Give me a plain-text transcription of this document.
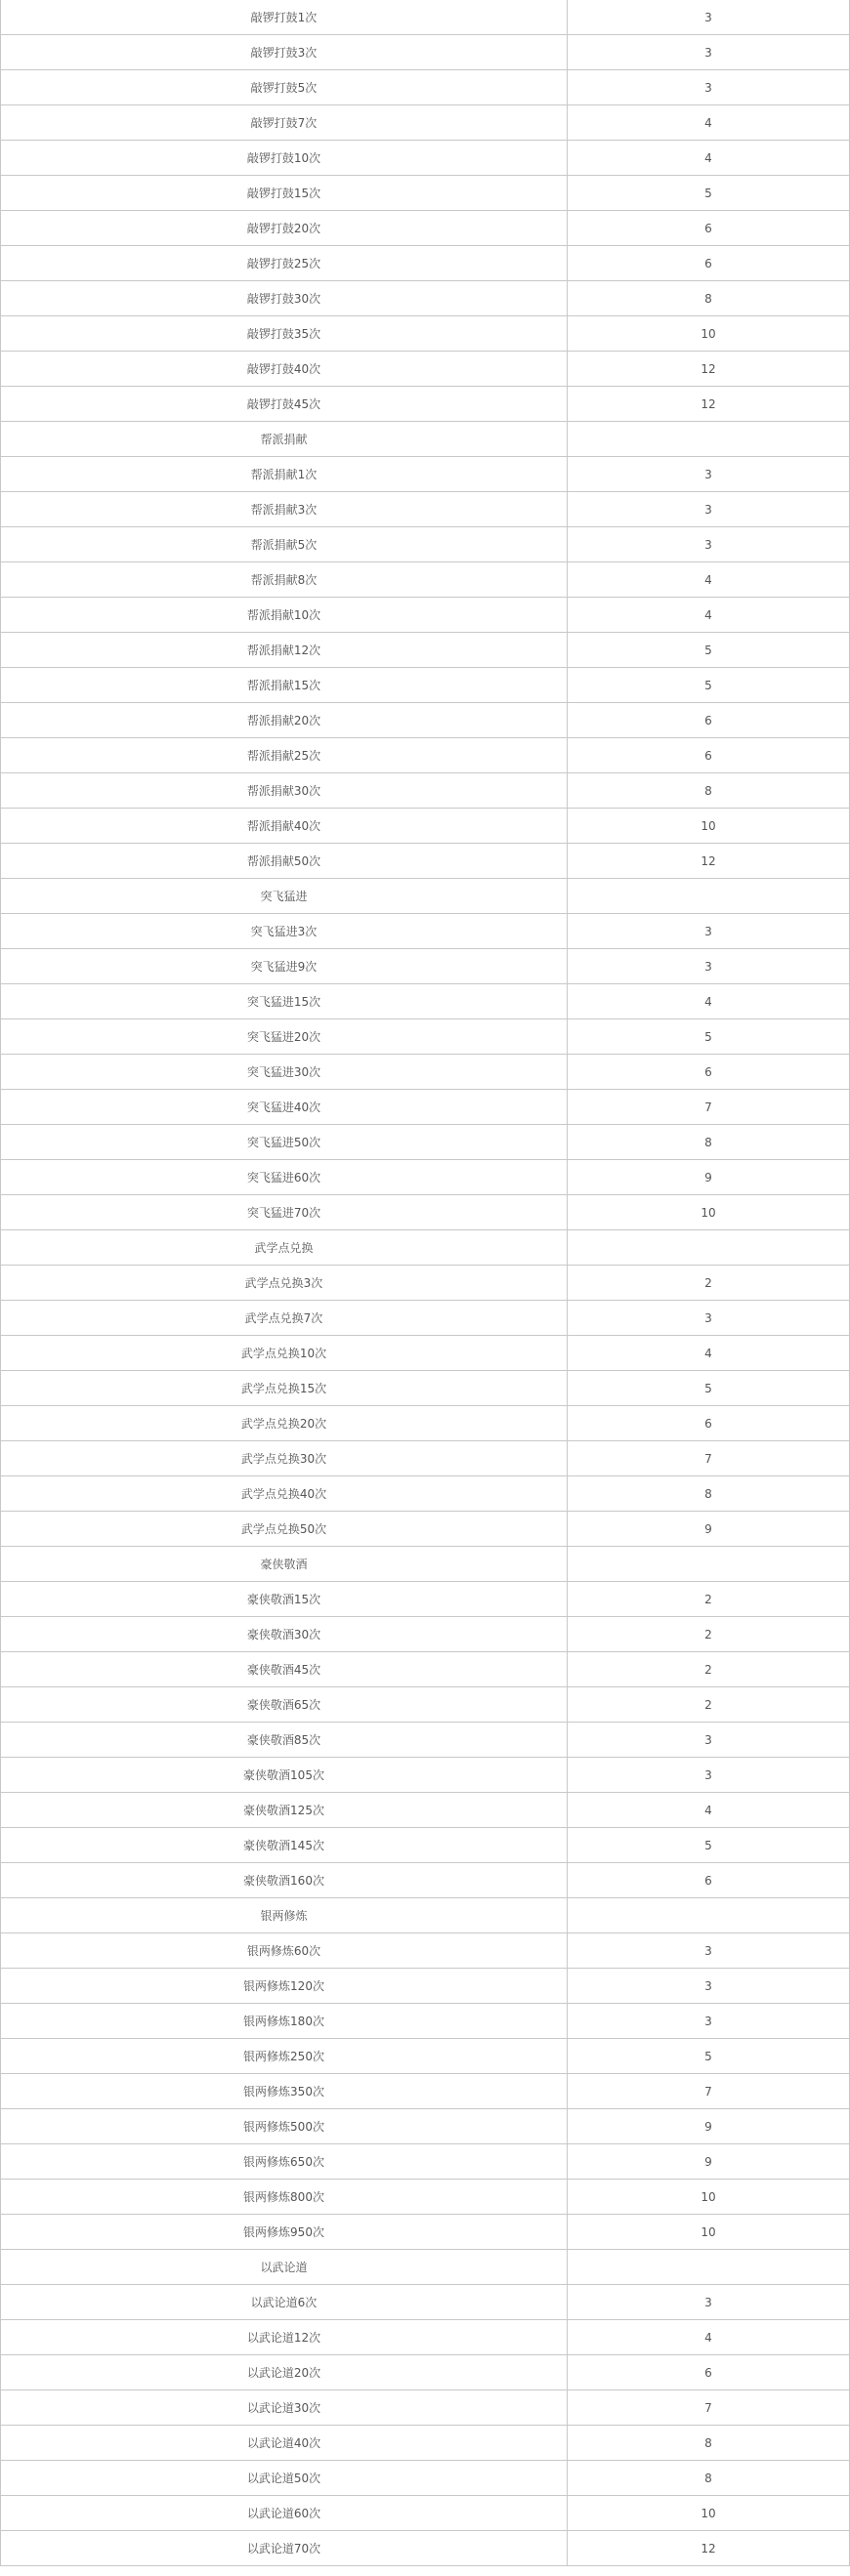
敲锣打鼓1次	3
敲锣打鼓3次	3
敲锣打鼓5次	3
敲锣打鼓7次	4
敲锣打鼓10次	4
敲锣打鼓15次	5
敲锣打鼓20次	6
敲锣打鼓25次	6
敲锣打鼓30次	8
敲锣打鼓35次	10
敲锣打鼓40次	12
敲锣打鼓45次	12
帮派捐献	
帮派捐献1次	3
帮派捐献3次	3
帮派捐献5次	3
帮派捐献8次	4
帮派捐献10次	4
帮派捐献12次	5
帮派捐献15次	5
帮派捐献20次	6
帮派捐献25次	6
帮派捐献30次	8
帮派捐献40次	10
帮派捐献50次	12
突飞猛进	
突飞猛进3次	3
突飞猛进9次	3
突飞猛进15次	4
突飞猛进20次	5
突飞猛进30次	6
突飞猛进40次	7
突飞猛进50次	8
突飞猛进60次	9
突飞猛进70次	10
武学点兑换	
武学点兑换3次	2
武学点兑换7次	3
武学点兑换10次	4
武学点兑换15次	5
武学点兑换20次	6
武学点兑换30次	7
武学点兑换40次	8
武学点兑换50次	9
豪侠敬酒	
豪侠敬酒15次	2
豪侠敬酒30次	2
豪侠敬酒45次	2
豪侠敬酒65次	2
豪侠敬酒85次	3
豪侠敬酒105次	3
豪侠敬酒125次	4
豪侠敬酒145次	5
豪侠敬酒160次	6
银两修炼	
银两修炼60次	3
银两修炼120次	3
银两修炼180次	3
银两修炼250次	5
银两修炼350次	7
银两修炼500次	9
银两修炼650次	9
银两修炼800次	10
银两修炼950次	10
以武论道	
以武论道6次	3
以武论道12次	4
以武论道20次	6
以武论道30次	7
以武论道40次	8
以武论道50次	8
以武论道60次	10
以武论道70次	12
